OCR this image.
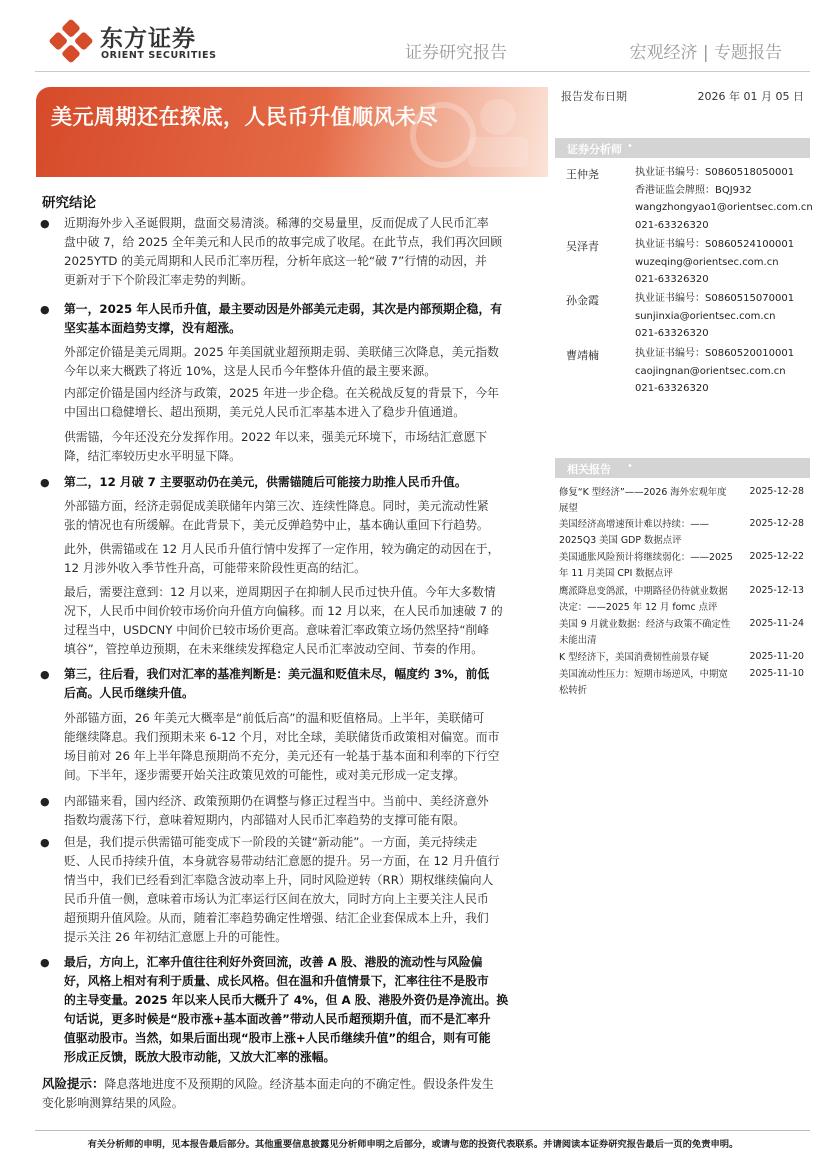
东方证券
ORIENT SECURITIES	证券研究报告	宏观经济 | 专题报告
美元周期还在探底，人民币升值顺风未尽
研究结论
● 近期海外步入圣诞假期，盘面交易清淡。稀薄的交易量里，反而促成了人民币汇率
盘中破 7，给 2025 全年美元和人民币的故事完成了收尾。在此节点，我们再次回顾
2025YTD 的美元周期和人民币汇率历程，分析年底这一轮“破 7”行情的动因，并
更新对于下个阶段汇率走势的判断。
● 第一，2025 年人民币升值，最主要动因是外部美元走弱，其次是内部预期企稳，有
坚实基本面趋势支撑，没有超涨。
外部定价锚是美元周期。2025 年美国就业超预期走弱、美联储三次降息，美元指数
今年以来大概跌了将近 10%，这是人民币今年整体升值的最主要来源。
内部定价锚是国内经济与政策，2025 年进一步企稳。在关税战反复的背景下，今年
中国出口稳健增长、超出预期，美元兑人民币汇率基本进入了稳步升值通道。
供需锚，今年还没充分发挥作用。2022 年以来，强美元环境下，市场结汇意愿下
降，结汇率较历史水平明显下降。
● 第二，12 月破 7 主要驱动仍在美元，供需锚随后可能接力助推人民币升值。
外部锚方面，经济走弱促成美联储年内第三次、连续性降息。同时，美元流动性紧
张的情况也有所缓解。在此背景下，美元反弹趋势中止，基本确认重回下行趋势。
此外，供需锚或在 12 月人民币升值行情中发挥了一定作用，较为确定的动因在于，
12 月涉外收入季节性升高，可能带来阶段性更高的结汇。
最后，需要注意到：12 月以来，逆周期因子在抑制人民币过快升值。今年大多数情
况下，人民币中间价较市场价向升值方向偏移。而 12 月以来，在人民币加速破 7 的
过程当中，USDCNY 中间价已较市场价更高。意味着汇率政策立场仍然坚持“削峰
填谷”，管控单边预期，在未来继续发挥稳定人民币汇率波动空间、节奏的作用。
● 第三，往后看，我们对汇率的基准判断是：美元温和贬值未尽，幅度约 3%，前低
后高。人民币继续升值。
外部锚方面，26 年美元大概率是“前低后高”的温和贬值格局。上半年，美联储可
能继续降息。我们预期未来 6-12 个月，对比全球，美联储货币政策相对偏宽。而市
场目前对 26 年上半年降息预期尚不充分，美元还有一轮基于基本面和利率的下行空
间。下半年，逐步需要开始关注政策见效的可能性，或对美元形成一定支撑。
● 内部锚来看，国内经济、政策预期仍在调整与修正过程当中。当前中、美经济意外
指数均震荡下行，意味着短期内，内部锚对人民币汇率趋势的支撑可能有限。
● 但是，我们提示供需锚可能变成下一阶段的关键“新动能”。一方面，美元持续走
贬、人民币持续升值，本身就容易带动结汇意愿的提升。另一方面，在 12 月升值行
情当中，我们已经看到汇率隐含波动率上升，同时风险逆转（RR）期权继续偏向人
民币升值一侧，意味着市场认为汇率运行区间在放大，同时方向上主要关注人民币
超预期升值风险。从而，随着汇率趋势确定性增强、结汇企业套保成本上升，我们
提示关注 26 年初结汇意愿上升的可能性。
● 最后，方向上，汇率升值往往利好外资回流，改善 A 股、港股的流动性与风险偏
好，风格上相对有利于质量、成长风格。但在温和升值情景下，汇率往往不是股市
的主导变量。2025 年以来人民币大概升了 4%，但 A 股、港股外资仍是净流出。换
句话说，更多时候是“股市涨+基本面改善”带动人民币超预期升值，而不是汇率升
值驱动股市。当然，如果后面出现“股市上涨+人民币继续升值”的组合，则有可能
形成正反馈，既放大股市动能，又放大汇率的涨幅。
风险提示：降息落地进度不及预期的风险。经济基本面走向的不确定性。假设条件发生
变化影响测算结果的风险。
报告发布日期	2026 年 01 月 05 日
证券分析师 •
王仲尧	执业证书编号：S0860518050001
香港证监会牌照：BQJ932
wangzhongyao1@orientsec.com.cn
021-63326320
吴泽青	执业证书编号：S0860524100001
wuzeqing@orientsec.com.cn
021-63326320
孙金霞	执业证书编号：S0860515070001
sunjinxia@orientsec.com.cn
021-63326320
曹靖楠	执业证书编号：S0860520010001
caojingnan@orientsec.com.cn
021-63326320
相关报告 •
修复“K 型经济”——2026 海外宏观年度
展望
2025-12-28
美国经济高增速预计难以持续：——
2025Q3 美国 GDP 数据点评
2025-12-28
美国通胀风险预计将继续弱化：——2025
年 11 月美国 CPI 数据点评
2025-12-22
鹰派降息变鸽派，中期路径仍待就业数据
决定：——2025 年 12 月 fomc 点评
2025-12-13
美国 9 月就业数据：经济与政策不确定性
未能出清
2025-11-24
K 型经济下，美国消费韧性前景存疑	2025-11-20
美国流动性压力：短期市场逆风，中期宽
松转折
2025-11-10
有关分析师的申明，见本报告最后部分。其他重要信息披露见分析师申明之后部分，或请与您的投资代表联系。并请阅读本证券研究报告最后一页的免责申明。
